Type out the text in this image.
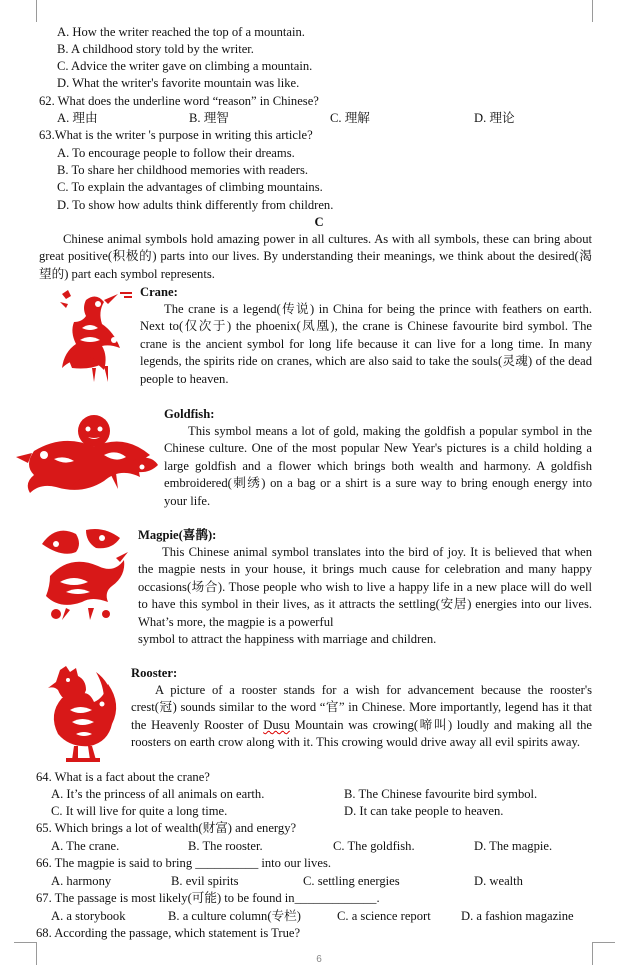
A. How the writer reached the top of a mountain.
B. A childhood story told by the writer.
C. Advice the writer gave on climbing a mountain.
D. What the writer's favorite mountain was like.
62. What does the underline word “reason” in Chinese?
A. 理由	B. 理智	C. 理解	D. 理论
63.What is the writer 's purpose in writing this article?
A. To encourage people to follow their dreams.
B. To share her childhood memories with readers.
C. To explain the advantages of climbing mountains.
D. To show how adults think differently from children.
C
Chinese animal symbols hold amazing power in all cultures. As with all symbols, these can bring about great positive(积极的) parts into our lives. By understanding their meanings, we think about the desired(渴望的) part each symbol represents.
Crane:
The crane is a legend(传说) in China for being the prince with feathers on earth. Next to(仅次于) the phoenix(凤凰), the crane is Chinese favourite bird symbol. The crane is the ancient symbol for long life because it can live for a long time. In many legends, the spirits ride on cranes, which are also said to take the souls(灵魂) of the dead people to heaven.
Goldfish:
This symbol means a lot of gold, making the goldfish a popular symbol in the Chinese culture. One of the most popular New Year's pictures is a child holding a large goldfish and a flower which brings both wealth and harmony. A goldfish embroidered(刺绣) on a bag or a shirt is a sure way to bring enough energy into your life.
Magpie(喜鹊):
This Chinese animal symbol translates into the bird of joy. It is believed that when the magpie nests in your house, it brings much cause for celebration and many happy occasions(场合). Those people who wish to live a happy life in a new place will do well to have this symbol in their lives, as it attracts the settling(安居) energies into our lives. What’s more, the magpie is a powerful
symbol to attract the happiness with marriage and children.
Rooster:
A picture of a rooster stands for a wish for advancement because the rooster's crest(冠) sounds similar to the word “官” in Chinese. More importantly, legend has it that the Heavenly Rooster of Dusu Mountain was crowing(啼叫) loudly and making all the roosters on earth crow along with it. This crowing would drive away all evil spirits away.
64. What is a fact about the crane?
A. It’s the princess of all animals on earth.	B. The Chinese favourite bird symbol.
C. It will live for quite a long time.	D. It can take people to heaven.
65. Which brings a lot of wealth(财富) and energy?
A. The crane.	B. The rooster.	C. The goldfish.	D. The magpie.
66. The magpie is said to bring __________ into our lives.
A. harmony	B. evil spirits	C. settling energies	D. wealth
67. The passage is most likely(可能) to be found in_____________.
A. a storybook	B. a culture column(专栏)	C. a science report D. a fashion magazine
68. According the passage, which statement is True?
6
